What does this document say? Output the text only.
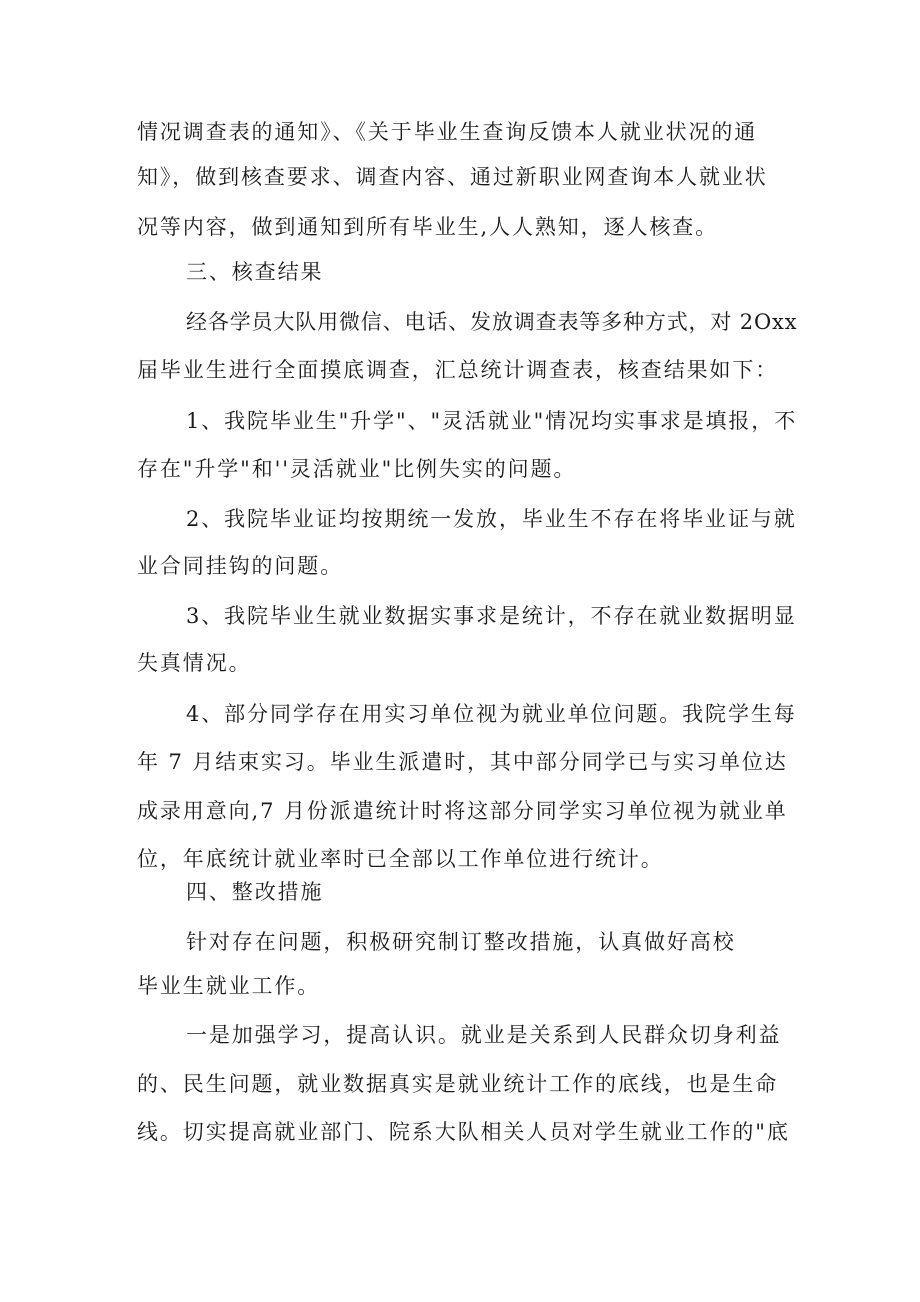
情况调查表的通知》、《关于毕业生查询反馈本人就业状况的通
知》，做到核查要求、调查内容、通过新职业网查询本人就业状
况等内容，做到通知到所有毕业生,人人熟知，逐人核查。
三、核查结果
经各学员大队用微信、电话、发放调查表等多种方式，对 2Oxx
届毕业生进行全面摸底调查，汇总统计调查表，核查结果如下：
1、我院毕业生"升学"、"灵活就业"情况均实事求是填报，不
存在"升学"和''灵活就业"比例失实的问题。
2、我院毕业证均按期统一发放，毕业生不存在将毕业证与就
业合同挂钩的问题。
3、我院毕业生就业数据实事求是统计，不存在就业数据明显
失真情况。
4、部分同学存在用实习单位视为就业单位问题。我院学生每
年 7 月结束实习。毕业生派遣时，其中部分同学已与实习单位达
成录用意向,7 月份派遣统计时将这部分同学实习单位视为就业单
位，年底统计就业率时已全部以工作单位进行统计。
四、整改措施
针对存在问题，积极研究制订整改措施，认真做好高校
毕业生就业工作。
一是加强学习，提高认识。就业是关系到人民群众切身利益
的、民生问题，就业数据真实是就业统计工作的底线，也是生命
线。切实提高就业部门、院系大队相关人员对学生就业工作的"底
